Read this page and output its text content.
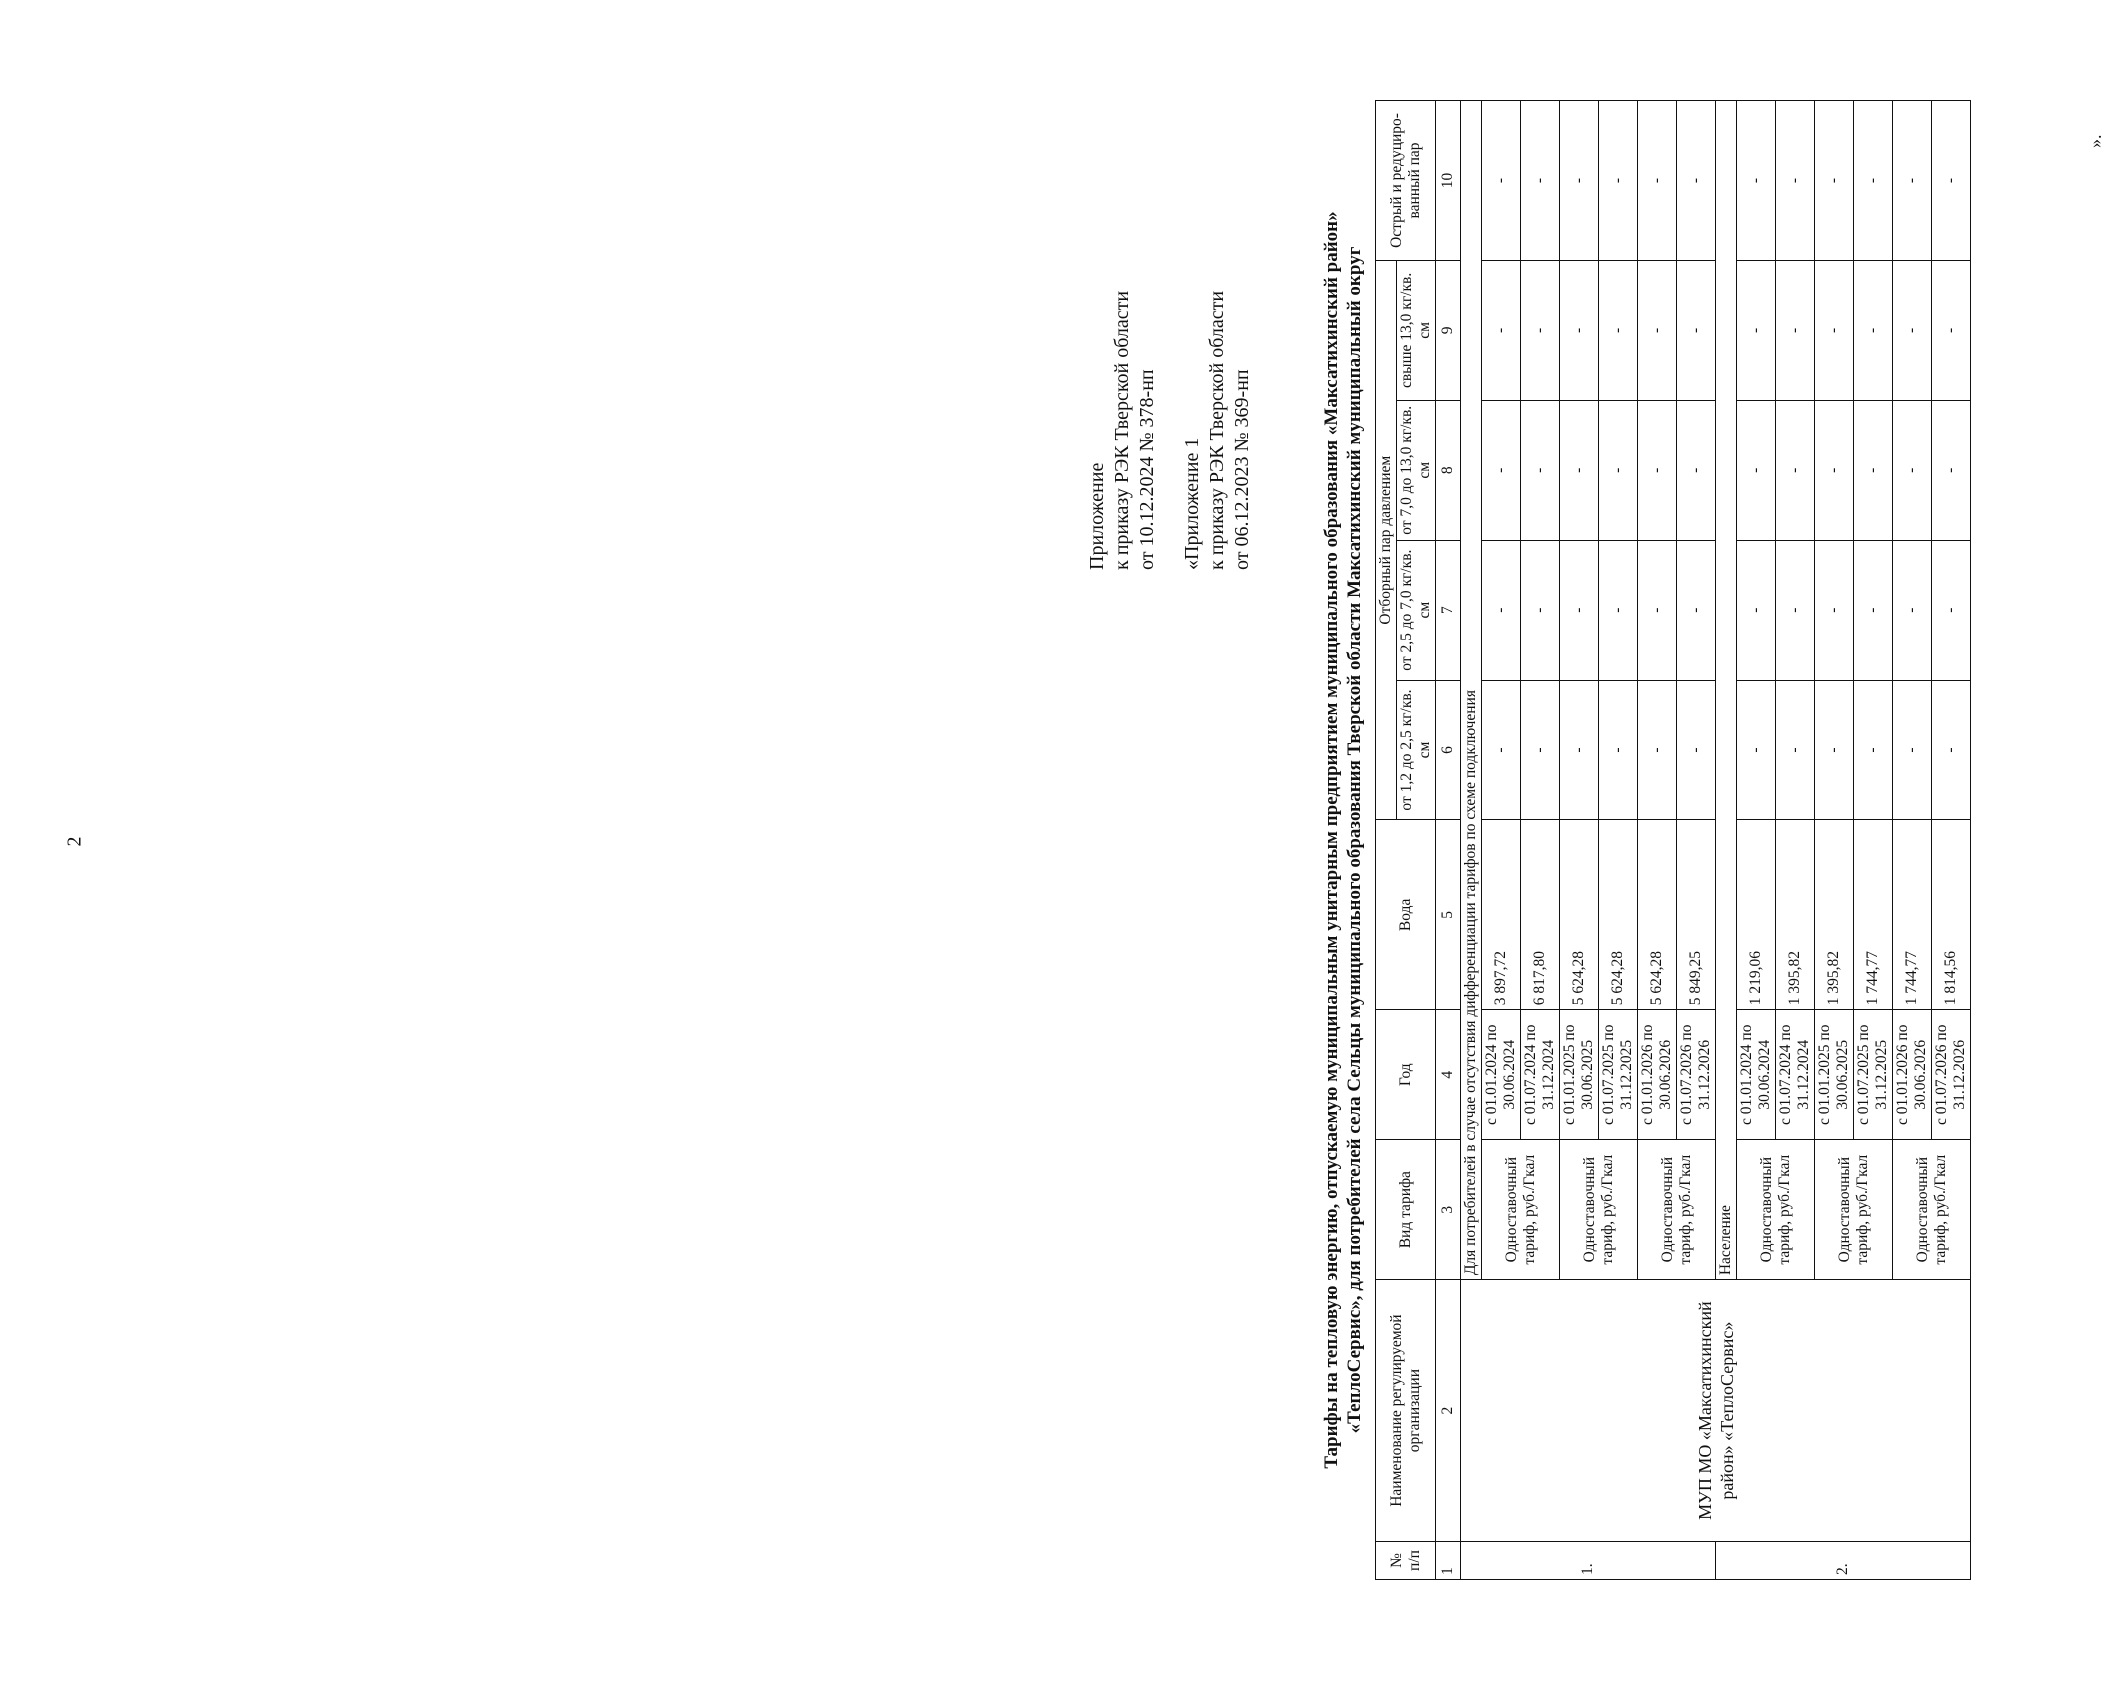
2
Приложение к приказу РЭК Тверской области от 10.12.2024 № 378-нп «Приложение 1 к приказу РЭК Тверской области от 06.12.2023 № 369-нп	Тарифы на тепловую энергию, отпускаемую муниципальным унитарным предприятием муниципального образования «Максатихинский район» «ТеплоСервис», для потребителей села Сельцы муниципального образования Тверской области Максатихинский муниципальный округ
№ п/п	Наименование регулируемой организации	Вид тарифа	Год	Вода	Отборный пар давлением				Острый и редуциро-ванный пар
					от 1,2 до 2,5 кг/кв. см	от 2,5 до 7,0 кг/кв. см	от 7,0 до 13,0 кг/кв. см	свыше 13,0 кг/кв. см	
1	2	3	4	5	6	7	8	9	10
1.	МУП МО «Максатихинский район» «ТеплоСервис»	Для потребителей в случае отсутствия дифференциации тарифов по схеме подключения							
		Одноставочный тариф, руб./Гкал	с 01.01.2024 по 30.06.2024	3 897,72	-	-	-	-	-
			с 01.07.2024 по 31.12.2024	6 817,80	-	-	-	-	-
		Одноставочный тариф, руб./Гкал	с 01.01.2025 по 30.06.2025	5 624,28	-	-	-	-	-
			с 01.07.2025 по 31.12.2025	5 624,28	-	-	-	-	-
		Одноставочный тариф, руб./Гкал	с 01.01.2026 по 30.06.2026	5 624,28	-	-	-	-	-
			с 01.07.2026 по 31.12.2026	5 849,25	-	-	-	-	-
2.		Население							
		Одноставочный тариф, руб./Гкал	с 01.01.2024 по 30.06.2024	1 219,06	-	-	-	-	-
			с 01.07.2024 по 31.12.2024	1 395,82	-	-	-	-	-
		Одноставочный тариф, руб./Гкал	с 01.01.2025 по 30.06.2025	1 395,82	-	-	-	-	-
			с 01.07.2025 по 31.12.2025	1 744,77	-	-	-	-	-
		Одноставочный тариф, руб./Гкал	с 01.01.2026 по 30.06.2026	1 744,77	-	-	-	-	-
			с 01.07.2026 по 31.12.2026	1 814,56	-	-	-	-	-
».
